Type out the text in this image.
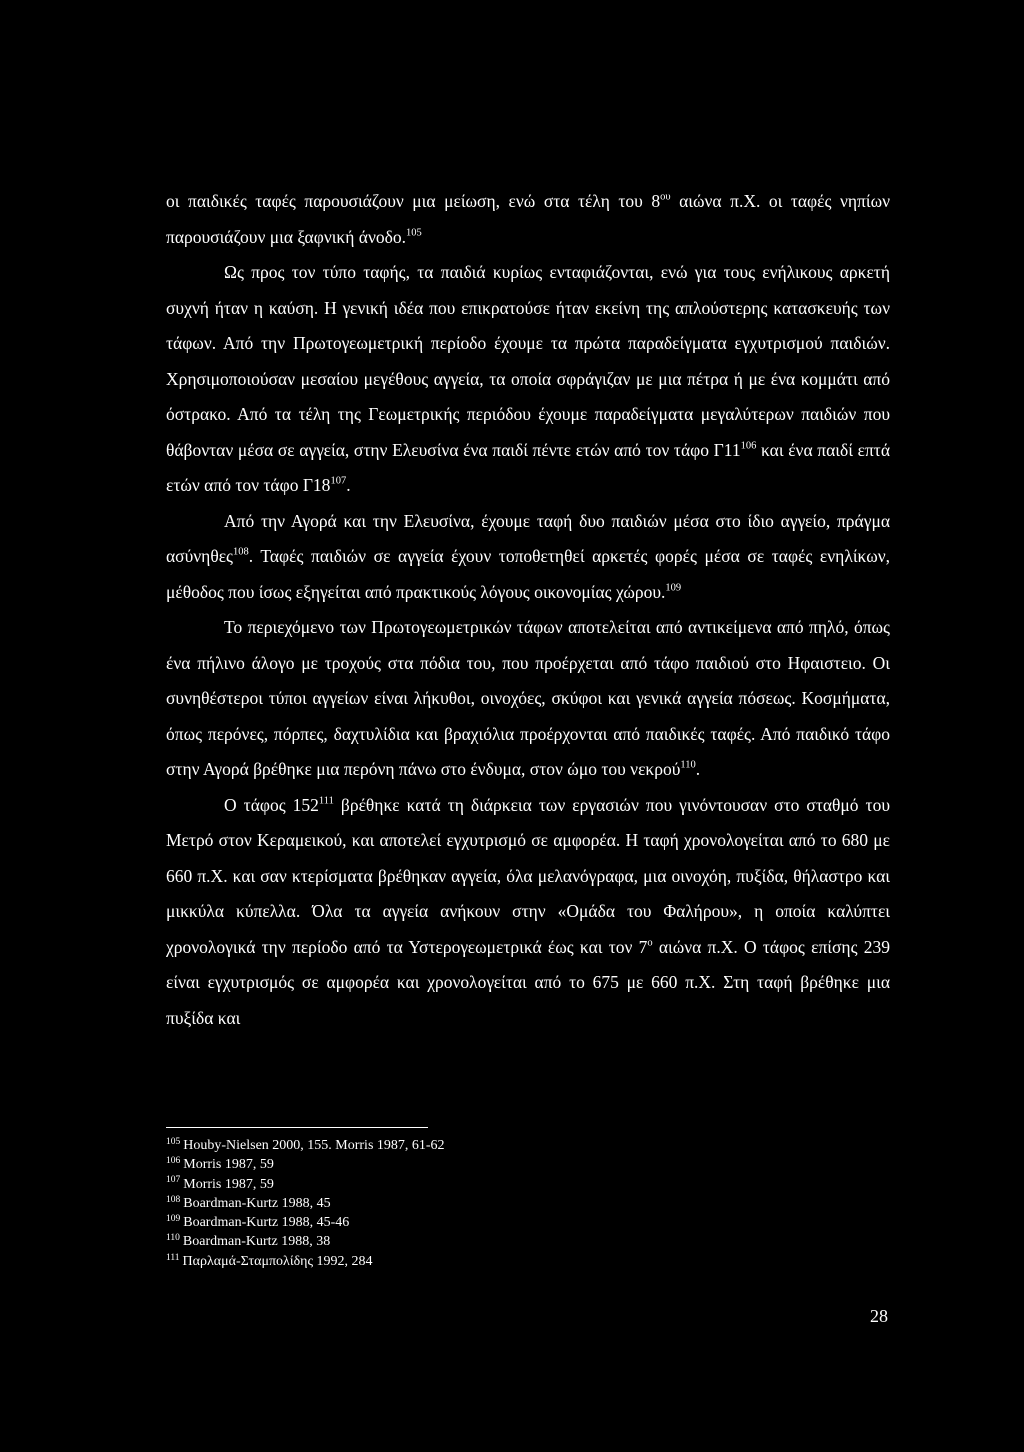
οι παιδικές ταφές παρουσιάζουν μια μείωση, ενώ στα τέλη του $8^{o\upsilon}$ αιώνα π.Χ. οι ταφές νηπίων παρουσιάζουν μια ξαφνική άνοδο.$^{105}$

Ως προς τον τύπο ταφής, τα παιδιά κυρίως ενταφιάζονται, ενώ για τους ενήλικους αρκετή συχνή ήταν η καύση. Η γενική ιδέα που επικρατούσε ήταν εκείνη της απλούστερης κατασκευής των τάφων. Από την Πρωτογεωμετρική περίοδο έχουμε τα πρώτα παραδείγματα εγχυτρισμού παιδιών. Χρησιμοποιούσαν μεσαίου μεγέθους αγγεία, τα οποία σφράγιζαν με μια πέτρα ή με ένα κομμάτι από όστρακο. Από τα τέλη της Γεωμετρικής περιόδου έχουμε παραδείγματα μεγαλύτερων παιδιών που θάβονταν μέσα σε αγγεία, στην Ελευσίνα ένα παιδί πέντε ετών από τον τάφο $\Gamma 11^{106}$ και ένα παιδί επτά ετών από τον τάφο $\Gamma 18^{107}$.

Από την Αγορά και την Ελευσίνα, έχουμε ταφή δυο παιδιών μέσα στο ίδιο αγγείο, πράγμα ασύνηθες$^{108}$. Ταφές παιδιών σε αγγεία έχουν τοποθετηθεί αρκετές φορές μέσα σε ταφές ενηλίκων, μέθοδος που ίσως εξηγείται από πρακτικούς λόγους οικονομίας χώρου.$^{109}$

Το περιεχόμενο των Πρωτογεωμετρικών τάφων αποτελείται από αντικείμενα από πηλό, όπως ένα πήλινο άλογο με τροχούς στα πόδια του, που προέρχεται από τάφο παιδιού στο Ηφαιστειο. Οι συνηθέστεροι τύποι αγγείων είναι λήκυθοι, οινοχόες, σκύφοι και γενικά αγγεία πόσεως. Κοσμήματα, όπως περόνες, πόρπες, δαχτυλίδια και βραχιόλια προέρχονται από παιδικές ταφές. Από παιδικό τάφο στην Αγορά βρέθηκε μια περόνη πάνω στο ένδυμα, στον ώμο του νεκρού$^{110}$.

Ο τάφος $152^{111}$ βρέθηκε κατά τη διάρκεια των εργασιών που γινόντουσαν στο σταθμό του Μετρό στον Κεραμεικού, και αποτελεί εγχυτρισμό σε αμφορέα. Η ταφή χρονολογείται από το 680 με 660 π.Χ. και σαν κτερίσματα βρέθηκαν αγγεία, όλα μελανόγραφα, μια οινοχόη, πυξίδα, θήλαστρο και μικκύλα κύπελλα. Όλα τα αγγεία ανήκουν στην «Ομάδα του Φαλήρου», η οποία καλύπτει χρονολογικά την περίοδο από τα Υστερογεωμετρικά έως και τον $7^o$ αιώνα π.Χ. Ο τάφος επίσης 239 είναι εγχυτρισμός σε αμφορέα και χρονολογείται από το 675 με 660 π.Χ. Στη ταφή βρέθηκε μια πυξίδα και

$^{105}$ Houby-Nielsen 2000, 155. Morris 1987, 61-62
$^{106}$ Morris 1987, 59
$^{107}$ Morris 1987, 59
$^{108}$ Boardman-Kurtz 1988, 45
$^{109}$ Boardman-Kurtz 1988, 45-46
$^{110}$ Boardman-Kurtz 1988, 38
$^{111}$ Παρλαμά-Σταμπολίδης 1992, 284
28
